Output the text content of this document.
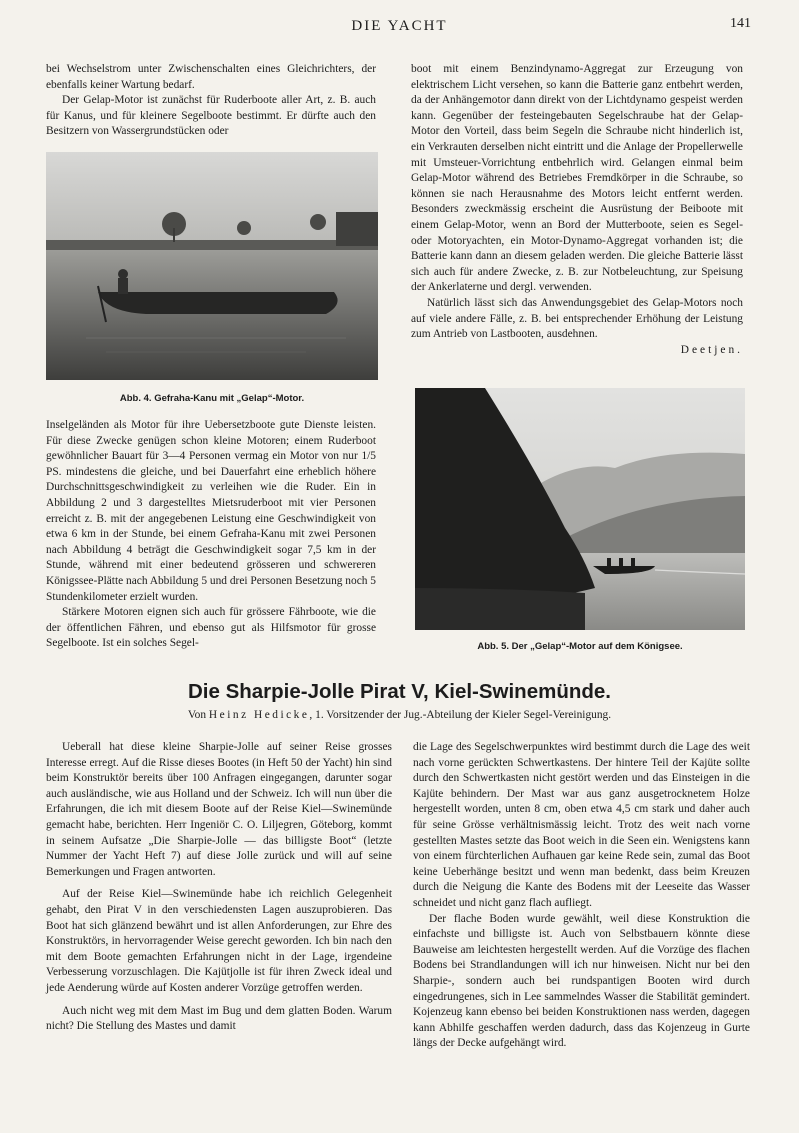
DIE YACHT	141

bei Wechselstrom unter Zwischenschalten eines Gleichrichters, der ebenfalls keiner Wartung bedarf.

Der Gelap-Motor ist zunächst für Ruderboote aller Art, z. B. auch für Kanus, und für kleinere Segelboote bestimmt. Er dürfte auch den Besitzern von Wassergrundstücken oder

Abb. 4. Gefraha-Kanu mit „Gelap“-Motor.

Inselgeländen als Motor für ihre Uebersetzboote gute Dienste leisten. Für diese Zwecke genügen schon kleine Motoren; einem Ruderboot gewöhnlicher Bauart für 3—4 Personen vermag ein Motor von nur 1/5 PS. mindestens die gleiche, und bei Dauerfahrt eine erheblich höhere Durchschnittsgeschwindigkeit zu verleihen wie die Ruder. Ein in Abbildung 2 und 3 dargestelltes Mietsruderboot mit vier Personen erreicht z. B. mit der angegebenen Leistung eine Geschwindigkeit von etwa 6 km in der Stunde, bei einem Gefraha-Kanu mit zwei Personen nach Abbildung 4 beträgt die Geschwindigkeit sogar 7,5 km in der Stunde, während mit einer bedeutend grösseren und schwereren Königssee-Plätte nach Abbildung 5 und drei Personen Besetzung noch 5 Stundenkilometer erzielt wurden.

Stärkere Motoren eignen sich auch für grössere Fährboote, wie die der öffentlichen Fähren, und ebenso gut als Hilfsmotor für grosse Segelboote. Ist ein solches Segel-

boot mit einem Benzindynamo-Aggregat zur Erzeugung von elektrischem Licht versehen, so kann die Batterie ganz entbehrt werden, da der Anhängemotor dann direkt von der Lichtdynamo gespeist werden kann. Gegenüber der festeingebauten Segelschraube hat der Gelap-Motor den Vorteil, dass beim Segeln die Schraube nicht hinderlich ist, ein Verkrauten derselben nicht eintritt und die Anlage der Propellerwelle mit Umsteuer-Vorrichtung entbehrlich wird. Gelangen einmal beim Gelap-Motor während des Betriebes Fremdkörper in die Schraube, so können sie nach Herausnahme des Motors leicht entfernt werden. Besonders zweckmässig erscheint die Ausrüstung der Beiboote mit einem Gelap-Motor, wenn an Bord der Mutterboote, seien es Segel- oder Motoryachten, ein Motor-Dynamo-Aggregat vorhanden ist; die Batterie kann dann an diesem geladen werden. Die gleiche Batterie lässt sich auch für andere Zwecke, z. B. zur Notbeleuchtung, zur Speisung der Ankerlaterne und dergl. verwenden.

Natürlich lässt sich das Anwendungsgebiet des Gelap-Motors noch auf viele andere Fälle, z. B. bei entsprechender Erhöhung der Leistung zum Antrieb von Lastbooten, ausdehnen.

Deetjen.

Abb. 5. Der „Gelap“-Motor auf dem Königsee.
Die Sharpie-Jolle Pirat V, Kiel-Swinemünde.
Von Heinz Hedicke, 1. Vorsitzender der Jug.-Abteilung der Kieler Segel-Vereinigung.

Ueberall hat diese kleine Sharpie-Jolle auf seiner Reise grosses Interesse erregt. Auf die Risse dieses Bootes (in Heft 50 der Yacht) hin sind beim Konstruktör bereits über 100 Anfragen eingegangen, darunter sogar auch ausländische, wie aus Holland und der Schweiz. Ich will nun über die Erfahrungen, die ich mit diesem Boote auf der Reise Kiel—Swinemünde gemacht habe, berichten. Herr Ingeniör C. O. Liljegren, Göteborg, kommt in seinem Aufsatze „Die Sharpie-Jolle — das billigste Boot“ (letzte Nummer der Yacht Heft 7) auf diese Jolle zurück und will auf seine Bemerkungen und Fragen antworten.

Auf der Reise Kiel—Swinemünde habe ich reichlich Gelegenheit gehabt, den Pirat V in den verschiedensten Lagen auszuprobieren. Das Boot hat sich glänzend bewährt und ist allen Anforderungen, zur Ehre des Konstruktörs, in hervorragender Weise gerecht geworden. Ich bin nach den mit dem Boote gemachten Erfahrungen nicht in der Lage, irgendeine Verbesserung vorzuschlagen. Die Kajütjolle ist für ihren Zweck ideal und jede Aenderung würde auf Kosten anderer Vorzüge getroffen werden.

Auch nicht weg mit dem Mast im Bug und dem glatten Boden. Warum nicht? Die Stellung des Mastes und damit

die Lage des Segelschwerpunktes wird bestimmt durch die Lage des weit nach vorne gerückten Schwertkastens. Der hintere Teil der Kajüte sollte durch den Schwertkasten nicht gestört werden und das Einsteigen in die Kajüte behindern. Der Mast war aus ganz ausgetrocknetem Holze hergestellt worden, unten 8 cm, oben etwa 4,5 cm stark und daher auch für seine Grösse verhältnismässig leicht. Trotz des weit nach vorne gestellten Mastes setzte das Boot weich in die Seen ein. Wenigstens kann von einem fürchterlichen Aufhauen gar keine Rede sein, zumal das Boot keine Ueberhänge besitzt und wenn man bedenkt, dass beim Kreuzen durch die Neigung die Kante des Bodens mit der Leeseite das Wasser schneidet und nicht ganz flach aufliegt.

Der flache Boden wurde gewählt, weil diese Konstruktion die einfachste und billigste ist. Auch von Selbstbauern könnte diese Bauweise am leichtesten hergestellt werden. Auf die Vorzüge des flachen Bodens bei Strandlandungen will ich nur hinweisen. Nicht nur bei den Sharpie-, sondern auch bei rundspantigen Booten wird durch eingedrungenes, sich in Lee sammelndes Wasser die Stabilität gemindert. Kojenzeug kann ebenso bei beiden Konstruktionen nass werden, dagegen kann Abhilfe geschaffen werden dadurch, dass das Kojenzeug in Gurte längs der Decke aufgehängt wird.
